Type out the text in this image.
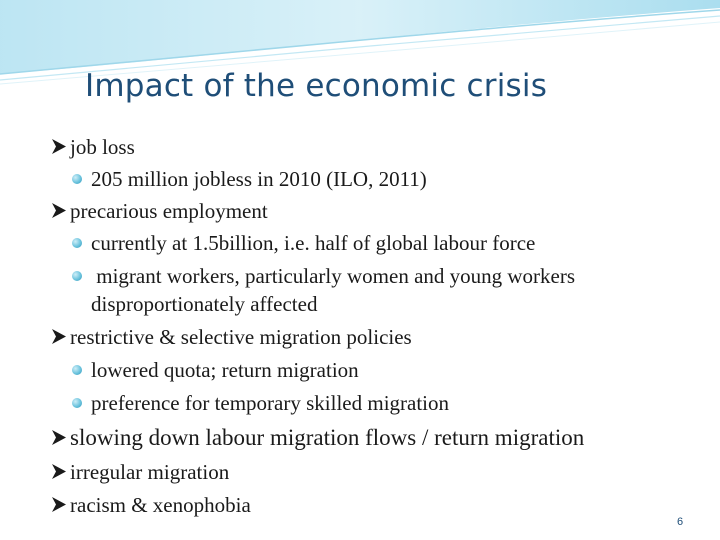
Impact of the economic crisis
job loss
205 million jobless in 2010 (ILO, 2011)
precarious employment
currently at 1.5billion, i.e. half of global labour force
migrant workers, particularly women and young workers
disproportionately affected
restrictive & selective migration policies
lowered quota; return migration
preference for temporary skilled migration
slowing down labour migration flows / return migration
irregular migration
racism & xenophobia
6
